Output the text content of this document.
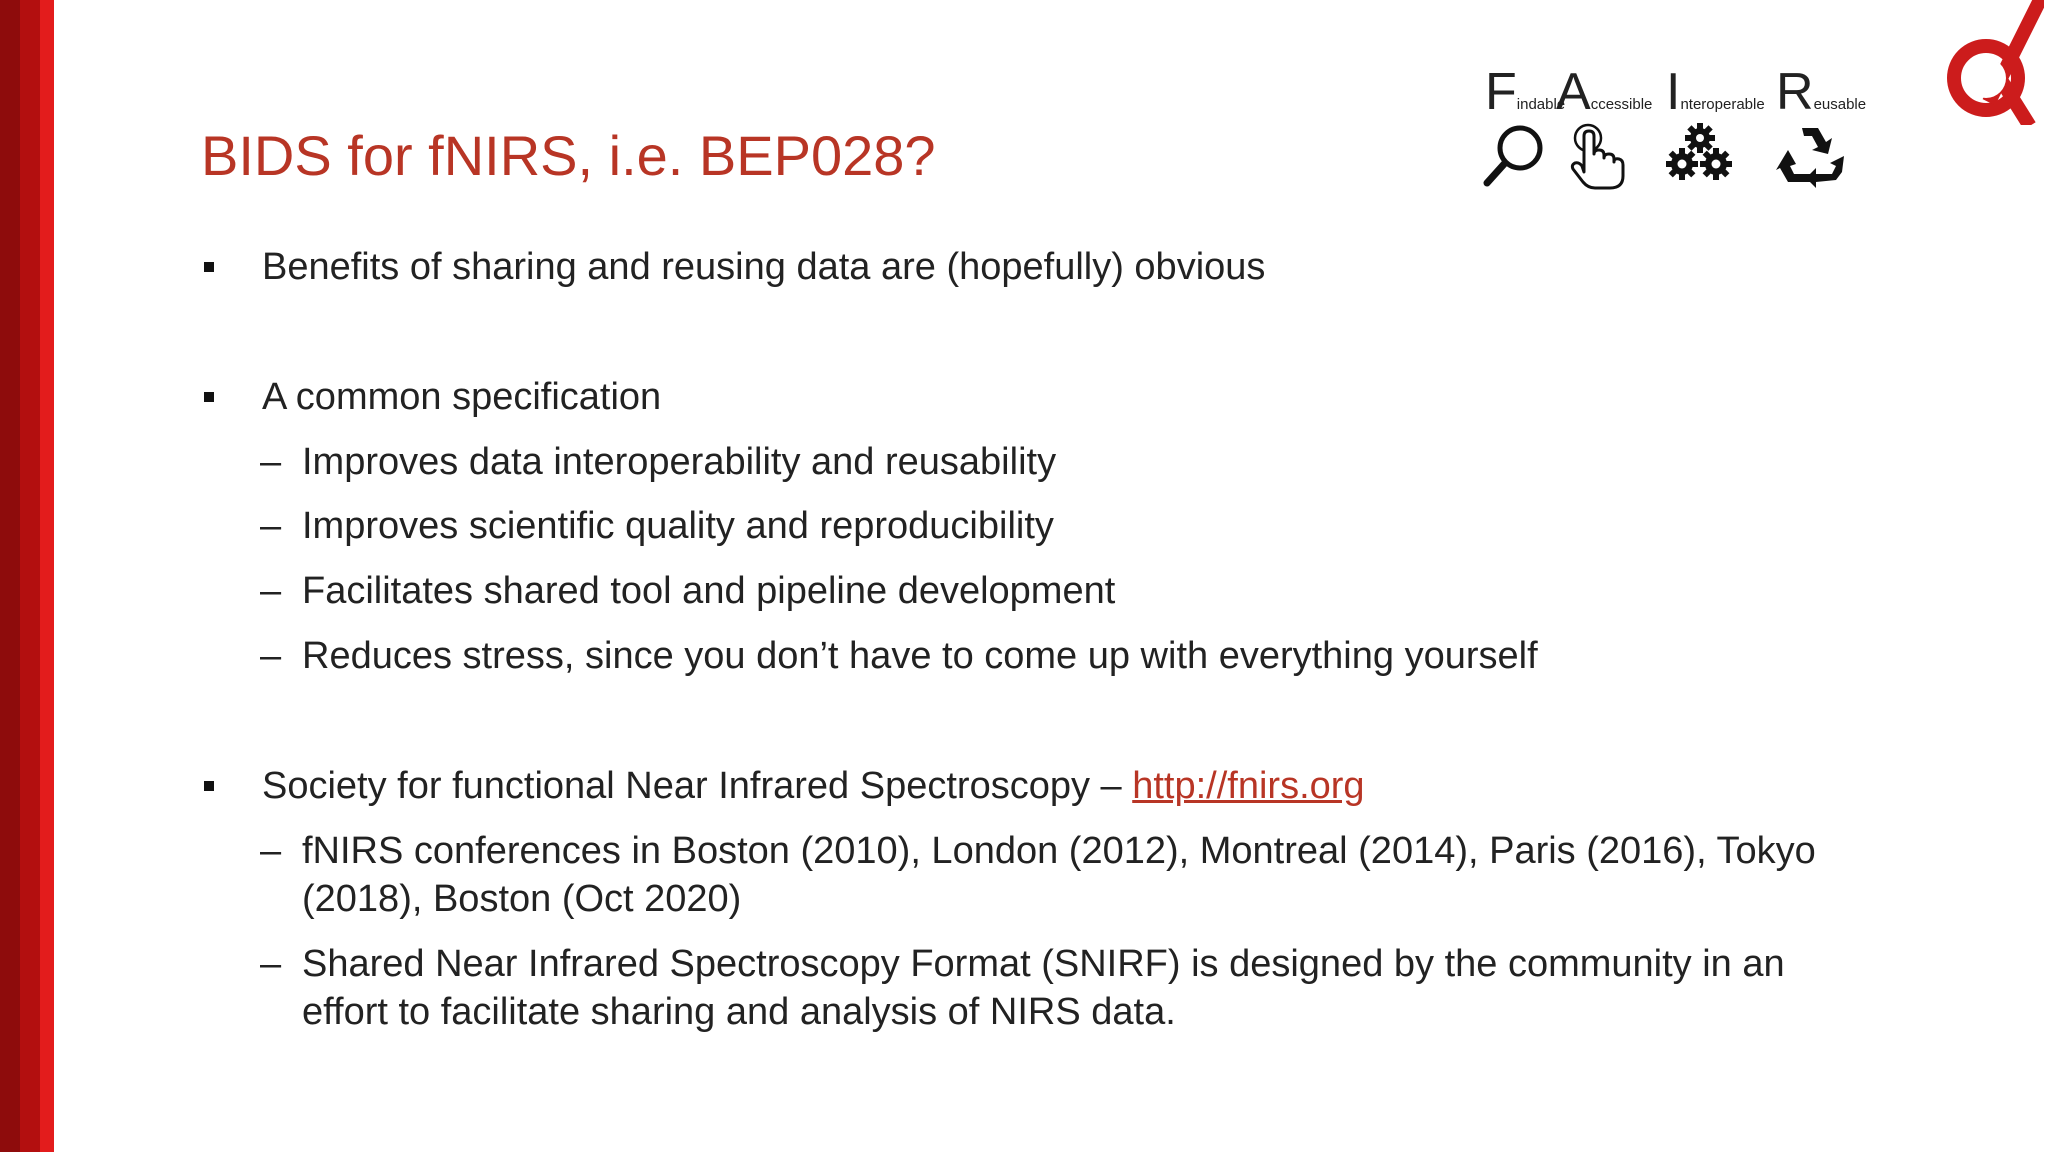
BIDS for fNIRS, i.e. BEP028?
Findable
Accessible Interoperable Reusable
Benefits of sharing and reusing data are (hopefully) obvious
A common specification
– Improves data interoperability and reusability
– Improves scientific quality and reproducibility
– Facilitates shared tool and pipeline development
– Reduces stress, since you don’t have to come up with everything yourself
Society for functional Near Infrared Spectroscopy – http://fnirs.org
– fNIRS conferences in Boston (2010), London (2012), Montreal (2014), Paris (2016), Tokyo
(2018), Boston (Oct 2020)
– Shared Near Infrared Spectroscopy Format (SNIRF) is designed by the community in an
effort to facilitate sharing and analysis of NIRS data.
